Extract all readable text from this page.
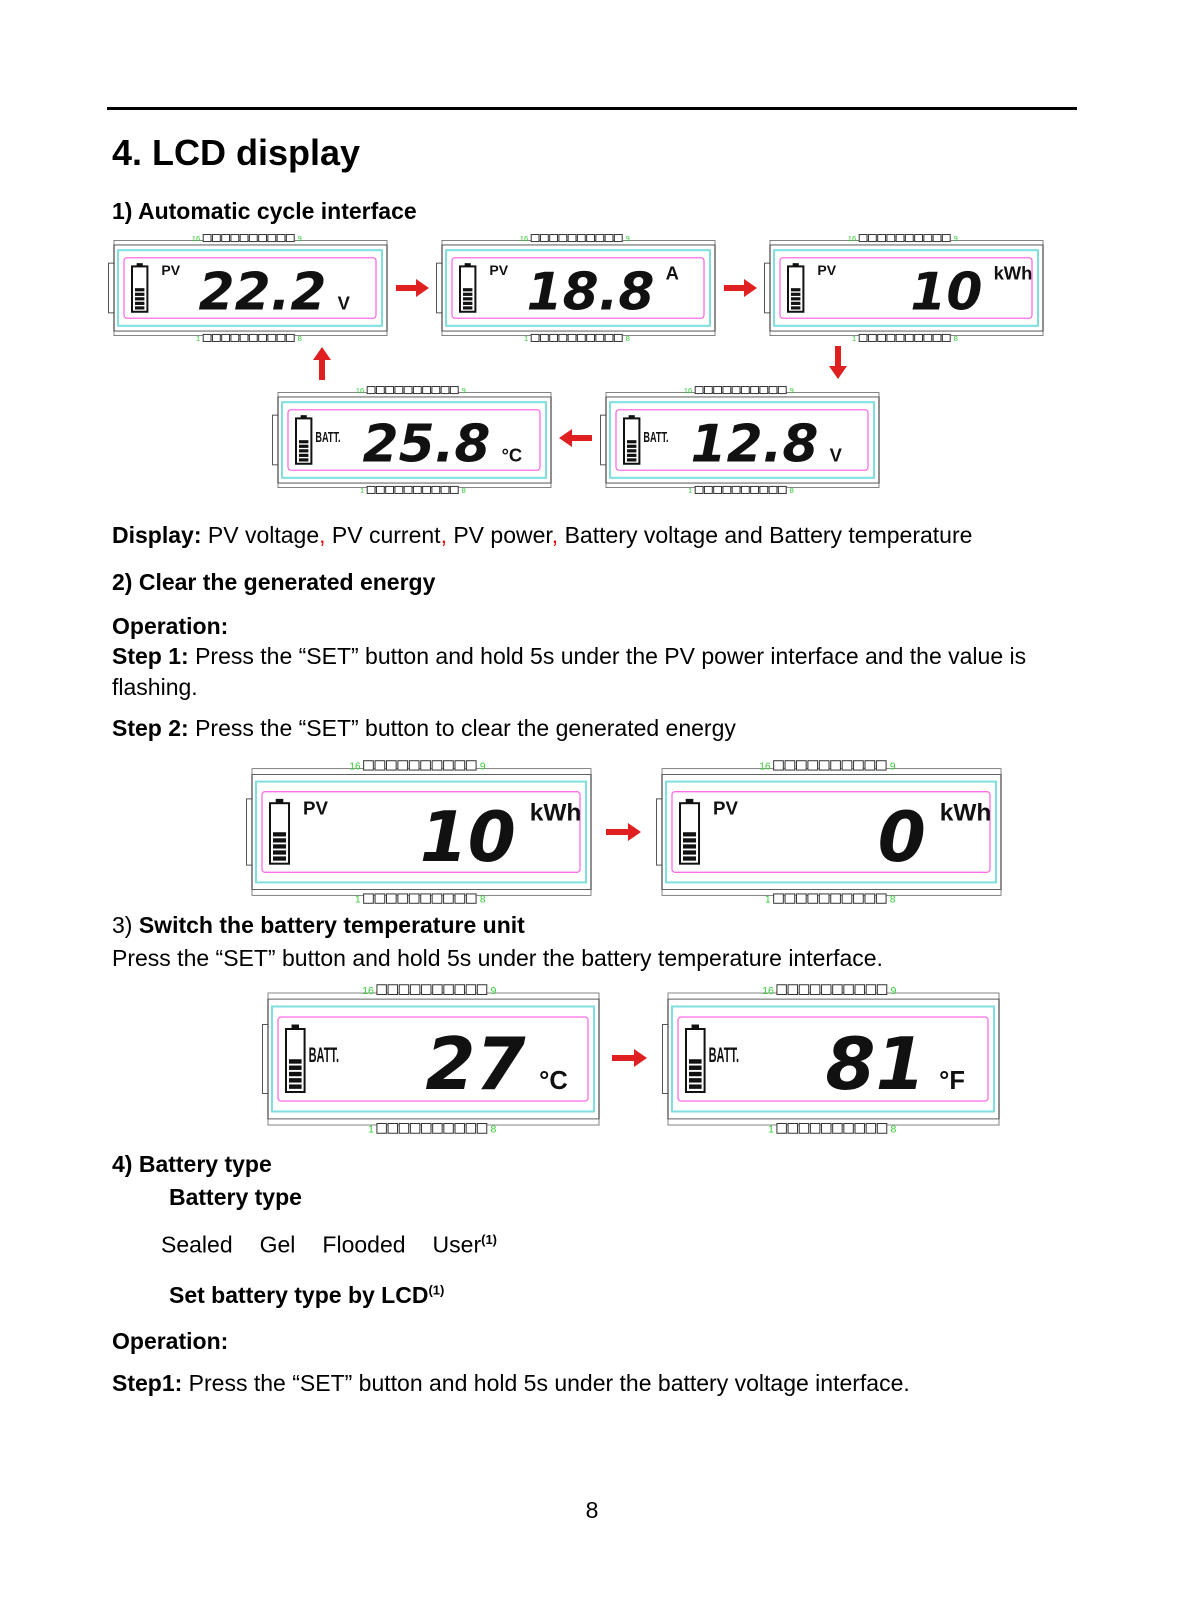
4. LCD display
1) Automatic cycle interface
16	9
1	8
PV 22.2 V
16	9
1	8
PV 18.8 A
16	9
1	8
PV 10 kWh
16	9
1	8
BATT. 25.8 °C
16	9
1	8
BATT. 12.8 V
Display: PV voltage, PV current, PV power, Battery voltage and Battery temperature
2) Clear the generated energy
Operation:
Step 1: Press the “SET” button and hold 5s under the PV power interface and the value is flashing.
Step 2: Press the “SET” button to clear the generated energy
16	9
1	8
PV 10 kWh
16	9
1	8
PV 0 kWh
3) Switch the battery temperature unit
Press the “SET” button and hold 5s under the battery temperature interface.
16	9
1	8
BATT. 27 °C
16	9
1	8
BATT. 81 °F
4) Battery type
Battery type
Sealed Gel Flooded User$^{(1)}$
Set battery type by LCD$^{(1)}$
Operation:
Step1: Press the “SET” button and hold 5s under the battery voltage interface.
8
